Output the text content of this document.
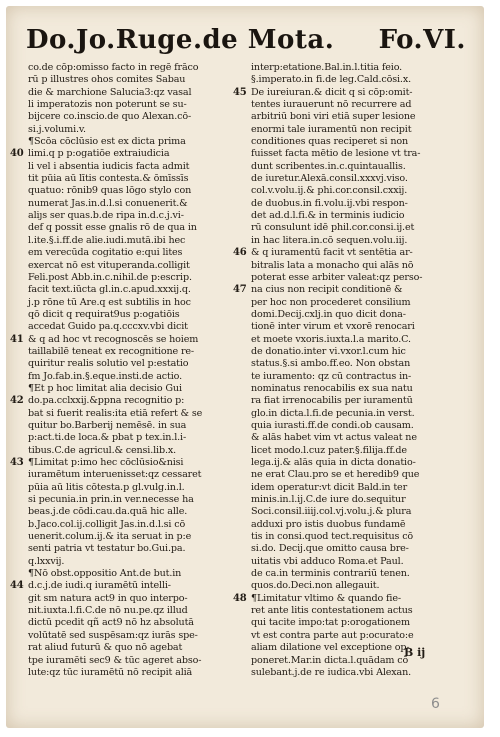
Do.Jo.Ruge.de Mota. Fo.VI.
co.de cōp:omisso facto in regē frāco
rū p illustres ohos comites Sabau
die & marchione Salucia3:qz vasal
li imperatozis non poterunt se su-
bijcere co.inscio.de quo Alexan.cō-
si.j.volumi.v.
¶Scōa cōclūsio est ex dicta prima
40 limi.q p p:ogatiōe extraiudicia
li vel i absentia iudicis facta admit
tit pūia aū lītis contesta.& ōmīssīs
quatuo: rōnib9 quas lōgo stylo con
numerat Jas.in.d.l.si conuenerit.&
aliȷs ser quas.b.de ripa in.d.c.j.vi-
def q possit esse gnalis rō de qua in
l.ite.§.i.ff.de alie.iudi.mutā.ibi hec
em verecūda cogitatio e:qui lites
exercat nō est vituperanda.colligit
Feli.post Abb.in.c.nihil.de p:escrip.
facit text.iūcta gl.in.c.apud.xxxij.q.
j.p rōne tū Are.q est subtilis in hoc
qō dicit q requirat9us p:ogatiōis
accedat Guido pa.q.cccxv.vbi dicit
41 & q ad hoc vt recognoscēs se hoiem
taillabilē teneat ex recognitione re-
quiritur realis solutio vel p:estatio
fm Jo.fab.in.§.eque.insti.de actio.
¶Et p hoc limitat alia decisio Gui
42 do.pa.cclxxij.&ppna recognitio p:
bat si fuerit realis:ita etiā refert & se
quitur bo.Barberij nemēsē. in sua
p:act.ti.de loca.& pbat p tex.in.l.i-
tibus.C.de agricul.& censi.lib.x.
43 ¶Limitat p:imo hec cōclūsio&nisi
iuramētum interuenisset:qz cessaret
pūia aū litis cōtesta.p gl.vulg.in.l.
si pecunia.in prin.in ver.necesse ha
beas.j.de cōdi.cau.da.quā hic alle.
b.Jaco.col.ij.colligit Jas.in.d.l.si cō
uenerit.colum.ij.& ita seruat in p:e
senti patria vt testatur bo.Gui.pa.
q.lxxvij.
¶Nō obst.oppositio Ant.de but.in
44 d.c.j.de iudi.q iuramētū intelli-
git sm natura act9 in quo interpo-
nit.iuxta.l.fi.C.de nō nu.pe.qz illud
dictū pcedit qñ act9 nō hz absolutā
volūtatē sed suspēsam:qz iurās spe-
rat aliud futurū & quo nō agebat
tpe iuramēti sec9 & tūc ageret abso-
lute:qz tūc iuramētū nō recipit aliā
interp:etatione.Bal.in.l.titia feio.
§.imperato.in fi.de leg.Cald.cōsi.x.
45 De iureiuran.& dicit q si cōp:omit-
tentes iurauerunt nō recurrere ad
arbitriū boni viri etiā super lesione
enormi tale iuramentū non recipit
conditiones quas reciperet si non
fuisset facta mētio de lesione vt tra-
dunt scribentes.in.c.quintauallis.
de iuretur.Alexā.consil.xxxvj.viso.
col.v.volu.ij.& phi.cor.consil.cxxij.
de duobus.in fi.volu.ij.vbi respon-
det ad.d.l.fi.& in terminis iudicio
rū consulunt idē phil.cor.consi.ij.et
in hac litera.in.cō sequen.volu.iij.
46 & q iuramentū facit vt sentētia ar-
bitralis lata a monacho qui alās nō
poterat esse arbiter valeat:qz perso-
47 na cius non recipit conditionē &
per hoc non procederet consilium
domi.Decij.cxlj.in quo dicit dona-
tionē inter virum et vxorē renocari
et moete vxoris.iuxta.l.a marito.C.
de donatio.inter vi.vxor.l.cum hic
status.§.si ambo.ff.eo. Non obstan
te iuramento: qz cū contractus in-
nominatus renocabilis ex sua natu
ra fiat irrenocabilis per iuramentū
glo.in dicta.l.fi.de pecunia.in verst.
quia iurasti.ff.de condi.ob causam.
& alās habet vim vt actus valeat ne
licet modo.l.cuz pater.§.filija.ff.de
lega.ij.& alās quia in dicta donatio-
ne erat Clau.pro se et heredib9 que
idem operatur:vt dicit Bald.in ter
minis.in.l.ij.C.de iure do.sequitur
Soci.consil.iiij.col.vj.volu.j.& plura
adduxi pro istis duobus fundamē
tis in consi.quod tect.requisitus cō
si.do. Decij.que omitto causa bre-
uitatis vbi adduco Roma.et Paul.
de ca.in terminis contrariū tenen.
quos.do.Deci.non allegauit.
48 ¶Limitatur vltimo & quando fie-
ret ante litis contestationem actus
qui tacite impo:tat p:orogationem
vt est contra parte aut p:ocurato:e
aliam dilatione vel exceptione op-
poneret.Mar.in dicta.l.quādam cō
sulebant.j.de re iudica.vbi Alexan.
B ij
6
